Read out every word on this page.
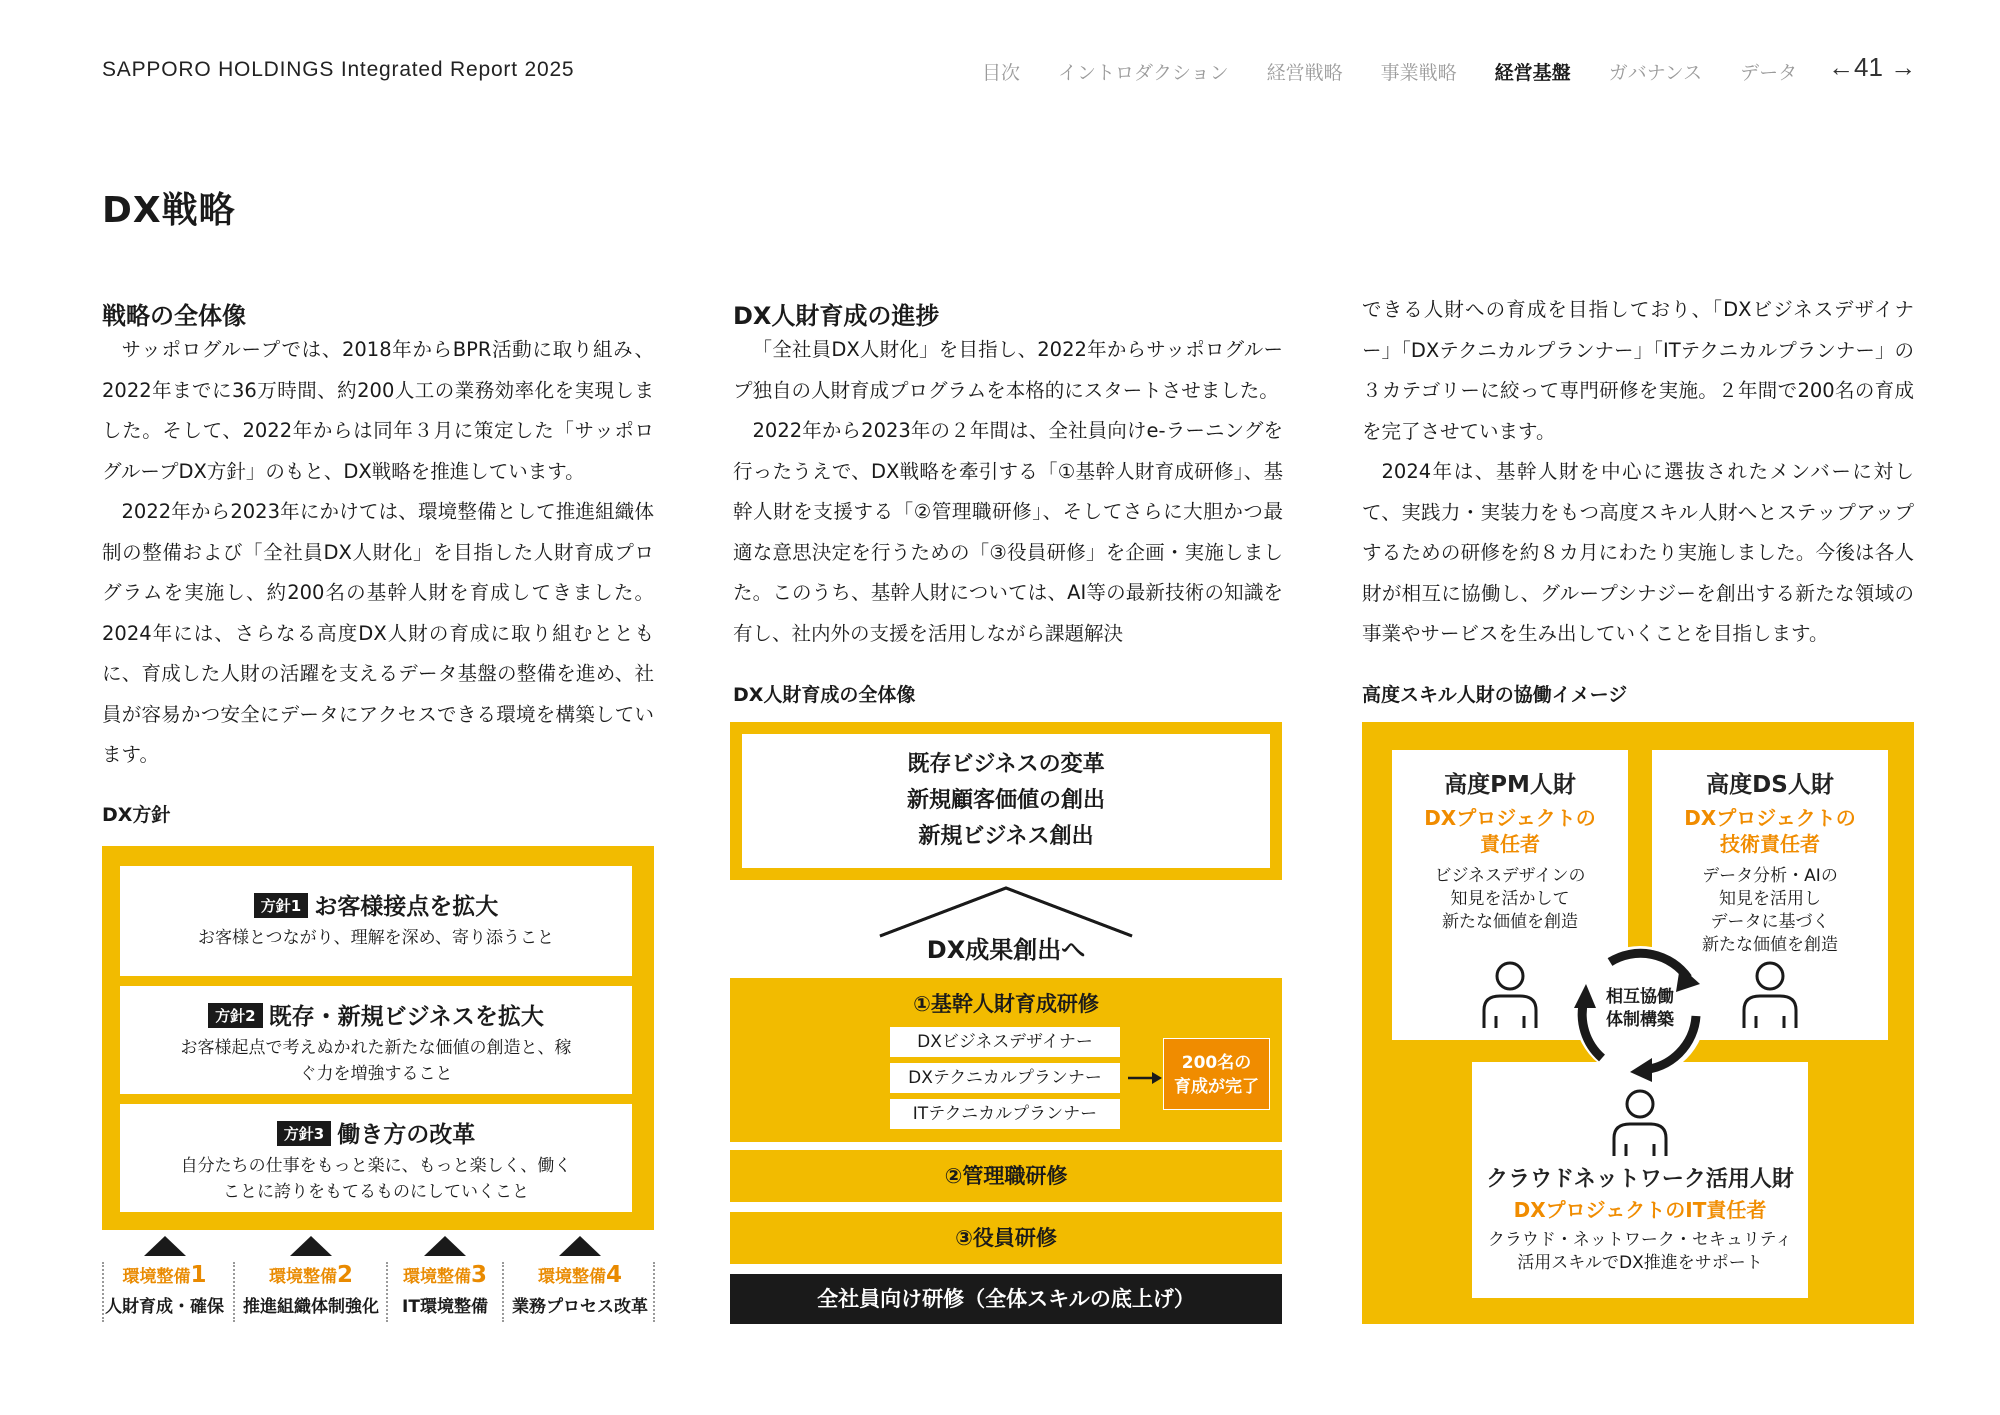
SAPPORO HOLDINGS Integrated Report 2025	目次 イントロダクション 経営戦略 事業戦略 経営基盤 ガバナンス データ ←41 →
DX戦略
戦略の全体像

サッポログループでは、2018年からBPR活動に取り組み、2022年までに36万時間、約200人工の業務効率化を実現しました。そして、2022年からは同年３月に策定した「サッポログループDX方針」のもと、DX戦略を推進しています。

2022年から2023年にかけては、環境整備として推進組織体制の整備および「全社員DX人財化」を目指した人財育成プログラムを実施し、約200名の基幹人財を育成してきました。2024年には、さらなる高度DX人財の育成に取り組むとともに、育成した人財の活躍を支えるデータ基盤の整備を進め、社員が容易かつ安全にデータにアクセスできる環境を構築しています。

DX方針
方針1 お客様接点を拡大
お客様とつながり、理解を深め、寄り添うこと
方針2 既存・新規ビジネスを拡大
お客様起点で考えぬかれた新たな価値の創造と、稼ぐ力を増強すること
方針3 働き方の改革
自分たちの仕事をもっと楽に、もっと楽しく、働くことに誇りをもてるものにしていくこと
環境整備1
人財育成・確保
環境整備2
推進組織体制強化
環境整備3
IT環境整備
環境整備4
業務プロセス改革
DX人財育成の進捗

「全社員DX人財化」を目指し、2022年からサッポログループ独自の人財育成プログラムを本格的にスタートさせました。

2022年から2023年の２年間は、全社員向けe-ラーニングを行ったうえで、DX戦略を牽引する「①基幹人財育成研修」、基幹人財を支援する「②管理職研修」、そしてさらに大胆かつ最適な意思決定を行うための「③役員研修」を企画・実施しました。このうち、基幹人財については、AI等の最新技術の知識を有し、社内外の支援を活用しながら課題解決

DX人財育成の全体像
既存ビジネスの変革
新規顧客価値の創出
新規ビジネス創出
DX成果創出へ
①基幹人財育成研修
DXビジネスデザイナー
DXテクニカルプランナー
ITテクニカルプランナー
200名の
育成が完了
②管理職研修
③役員研修
全社員向け研修（全体スキルの底上げ）

できる人財への育成を目指しており、「DXビジネスデザイナー」「DXテクニカルプランナー」「ITテクニカルプランナー」の３カテゴリーに絞って専門研修を実施。２年間で200名の育成を完了させています。

2024年は、基幹人財を中心に選抜されたメンバーに対して、実践力・実装力をもつ高度スキル人財へとステップアップするための研修を約８カ月にわたり実施しました。今後は各人財が相互に協働し、グループシナジーを創出する新たな領域の事業やサービスを生み出していくことを目指します。

高度スキル人財の協働イメージ
高度PM人財
DXプロジェクトの
責任者
ビジネスデザインの
知見を活かして
新たな価値を創造
高度DS人財
DXプロジェクトの
技術責任者
データ分析・AIの
知見を活用し
データに基づく
新たな価値を創造
クラウドネットワーク活用人財
DXプロジェクトのIT責任者
クラウド・ネットワーク・セキュリティ
活用スキルでDX推進をサポート
相互協働
体制構築
